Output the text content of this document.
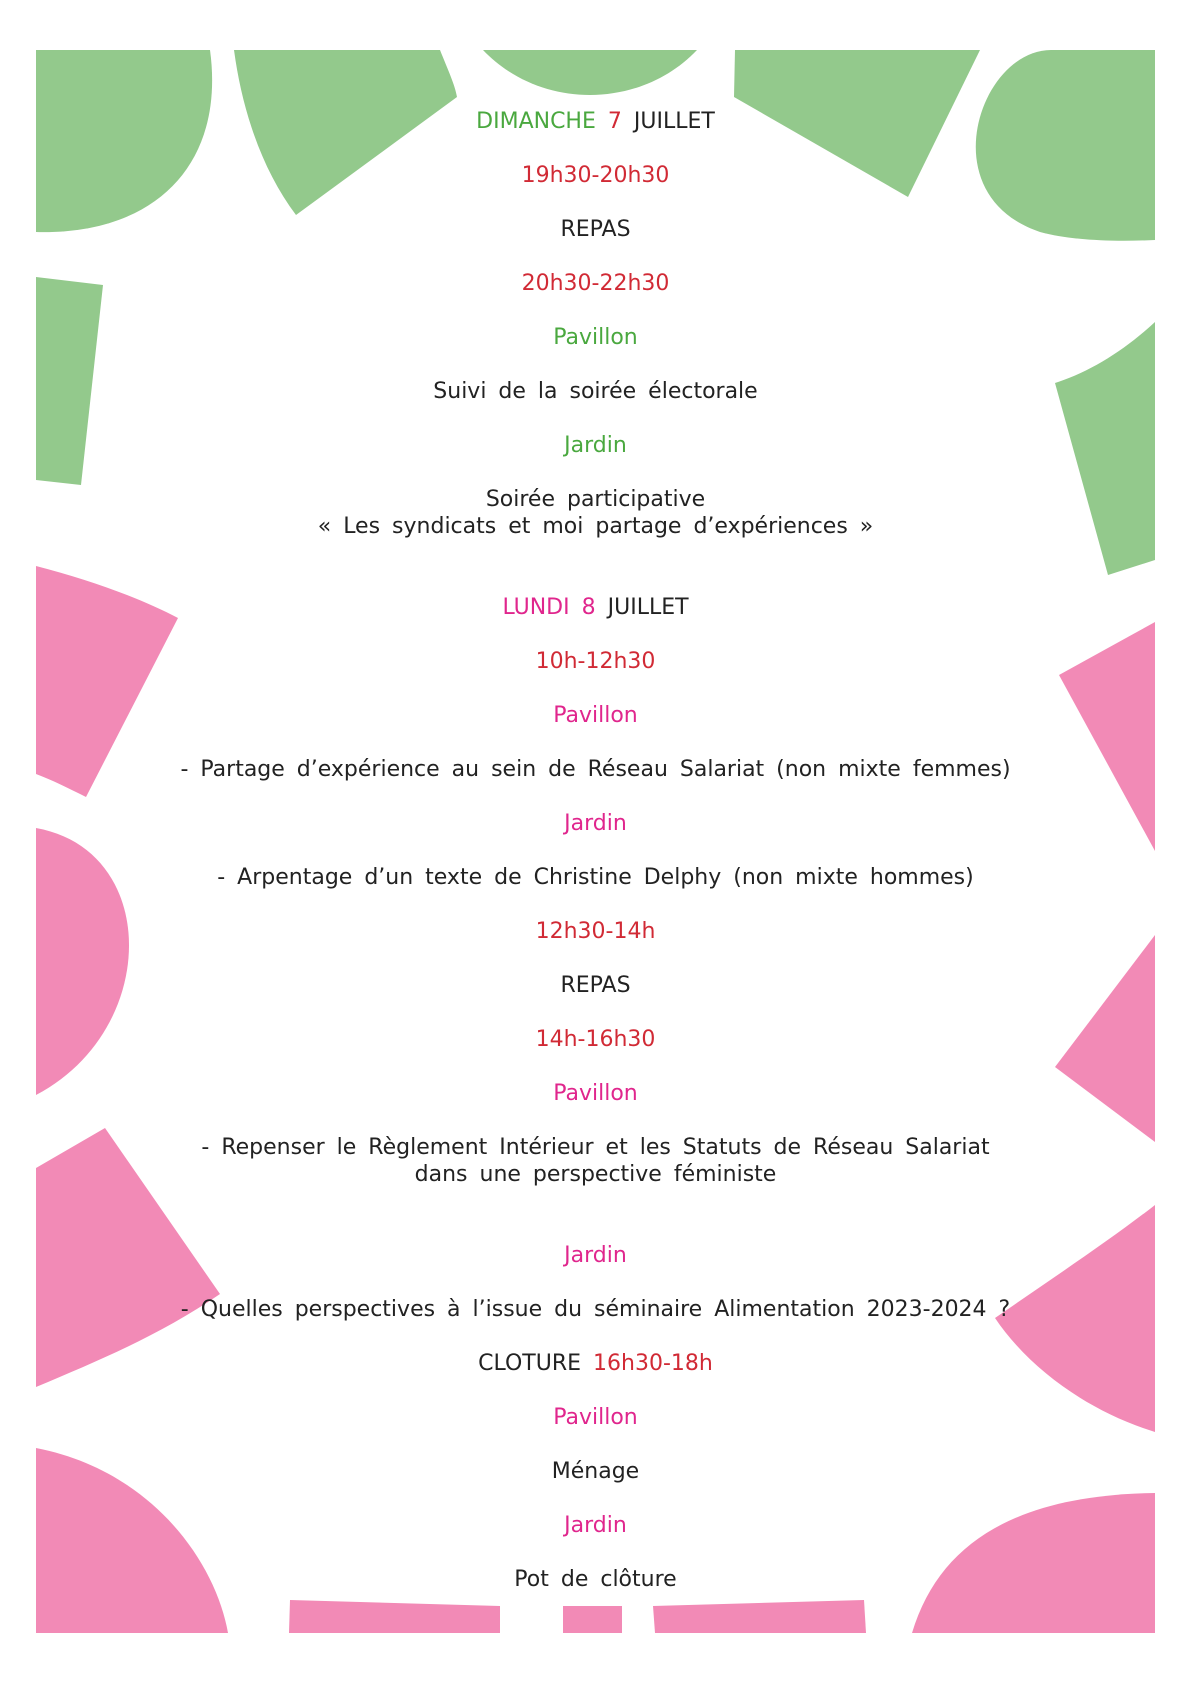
DIMANCHE 7 JUILLET
19h30-20h30
REPAS
20h30-22h30
Pavillon
Suivi de la soirée électorale
Jardin
Soirée participative
« Les syndicats et moi partage d’expériences »
LUNDI 8 JUILLET
10h-12h30
Pavillon
- Partage d’expérience au sein de Réseau Salariat (non mixte femmes)
Jardin
- Arpentage d’un texte de Christine Delphy (non mixte hommes)
12h30-14h
REPAS
14h-16h30
Pavillon
- Repenser le Règlement Intérieur et les Statuts de Réseau Salariat
dans une perspective féministe
Jardin
- Quelles perspectives à l’issue du séminaire Alimentation 2023-2024 ?
CLOTURE 16h30-18h
Pavillon
Ménage
Jardin
Pot de clôture
